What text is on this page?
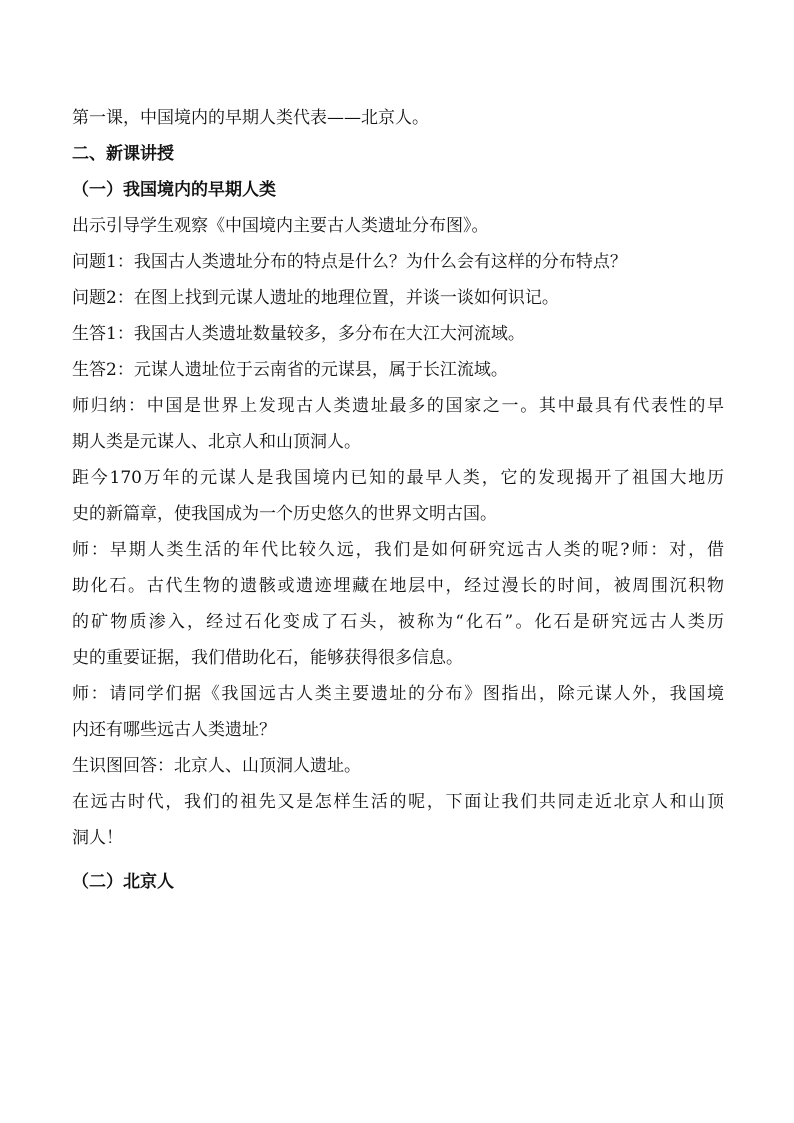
第一课，中国境内的早期人类代表——北京人。
二、新课讲授
（一）我国境内的早期人类
出示引导学生观察《中国境内主要古人类遗址分布图》。
问题1：我国古人类遗址分布的特点是什么？为什么会有这样的分布特点？
问题2：在图上找到元谋人遗址的地理位置，并谈一谈如何识记。
生答1：我国古人类遗址数量较多，多分布在大江大河流域。
生答2：元谋人遗址位于云南省的元谋县，属于长江流域。
师归纳：中国是世界上发现古人类遗址最多的国家之一。其中最具有代表性的早
期人类是元谋人、北京人和山顶洞人。
距今170万年的元谋人是我国境内已知的最早人类，它的发现揭开了祖国大地历
史的新篇章，使我国成为一个历史悠久的世界文明古国。
师：早期人类生活的年代比较久远，我们是如何研究远古人类的呢?师：对，借
助化石。古代生物的遗骸或遗迹埋藏在地层中，经过漫长的时间，被周围沉积物
的矿物质渗入，经过石化变成了石头，被称为“化石”。化石是研究远古人类历
史的重要证据，我们借助化石，能够获得很多信息。
师：请同学们据《我国远古人类主要遗址的分布》图指出，除元谋人外，我国境
内还有哪些远古人类遗址？
生识图回答：北京人、山顶洞人遗址。
在远古时代，我们的祖先又是怎样生活的呢，下面让我们共同走近北京人和山顶
洞人！
（二）北京人
